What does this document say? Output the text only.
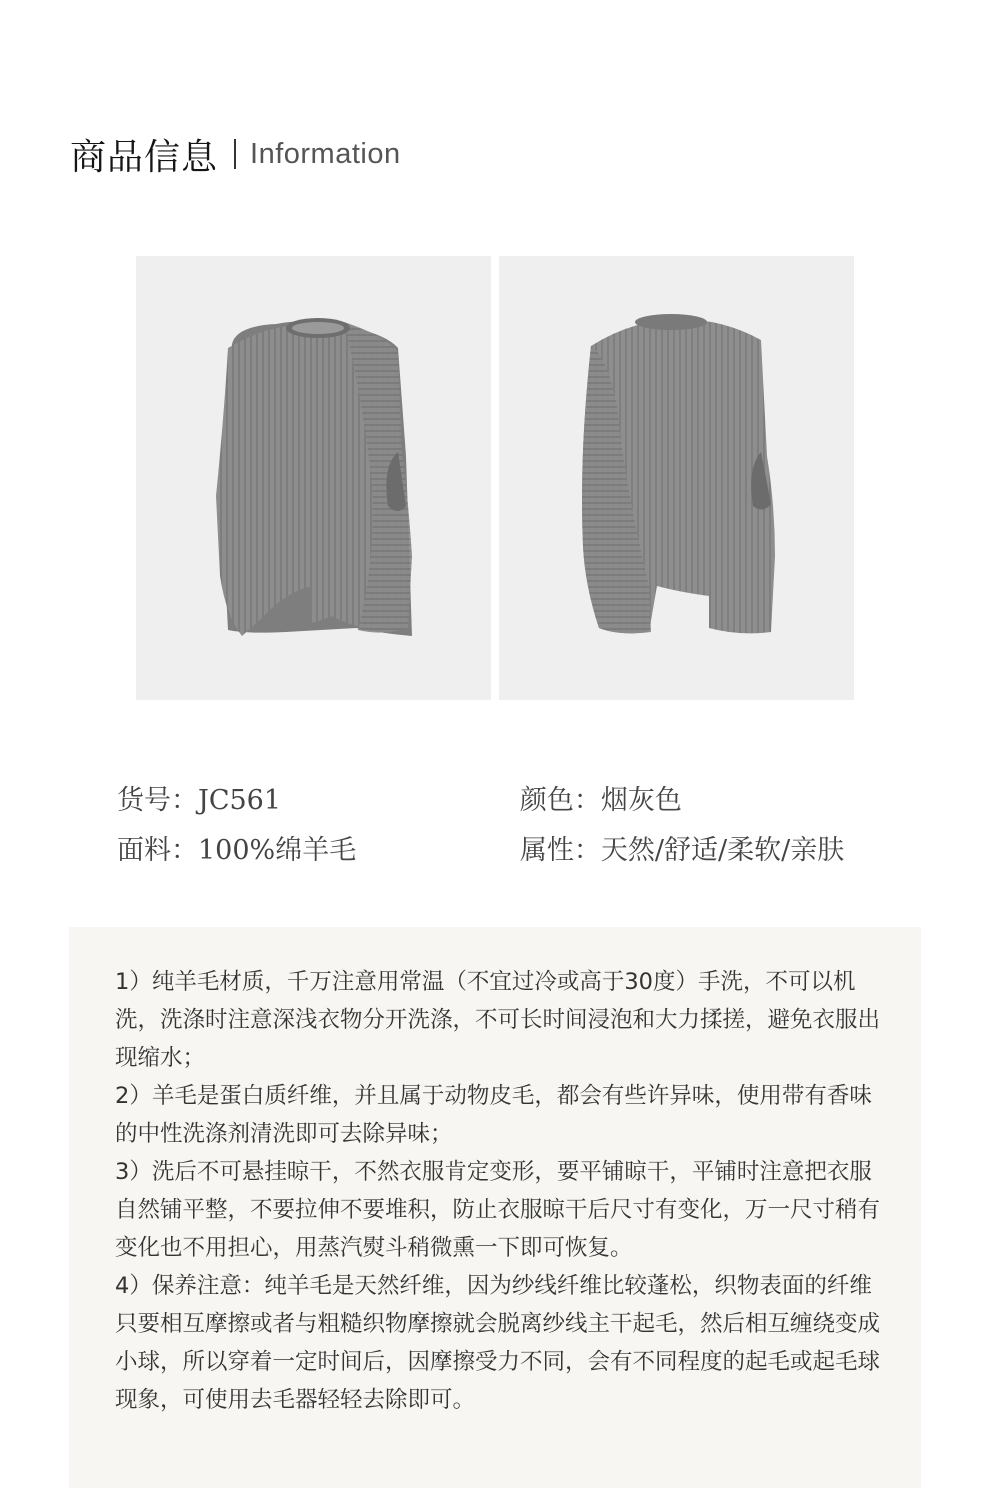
商品信息 Information
货号：JC561	颜色：烟灰色
面料：100%绵羊毛	属性：天然/舒适/柔软/亲肤

1）纯羊毛材质，千万注意用常温（不宜过冷或高于30度）手洗，不可以机洗，洗涤时注意深浅衣物分开洗涤，不可长时间浸泡和大力揉搓，避免衣服出现缩水；

2）羊毛是蛋白质纤维，并且属于动物皮毛，都会有些许异味，使用带有香味的中性洗涤剂清洗即可去除异味；

3）洗后不可悬挂晾干，不然衣服肯定变形，要平铺晾干，平铺时注意把衣服自然铺平整，不要拉伸不要堆积，防止衣服晾干后尺寸有变化，万一尺寸稍有变化也不用担心，用蒸汽熨斗稍微熏一下即可恢复。

4）保养注意：纯羊毛是天然纤维，因为纱线纤维比较蓬松，织物表面的纤维只要相互摩擦或者与粗糙织物摩擦就会脱离纱线主干起毛，然后相互缠绕变成小球，所以穿着一定时间后，因摩擦受力不同，会有不同程度的起毛或起毛球现象，可使用去毛器轻轻去除即可。
